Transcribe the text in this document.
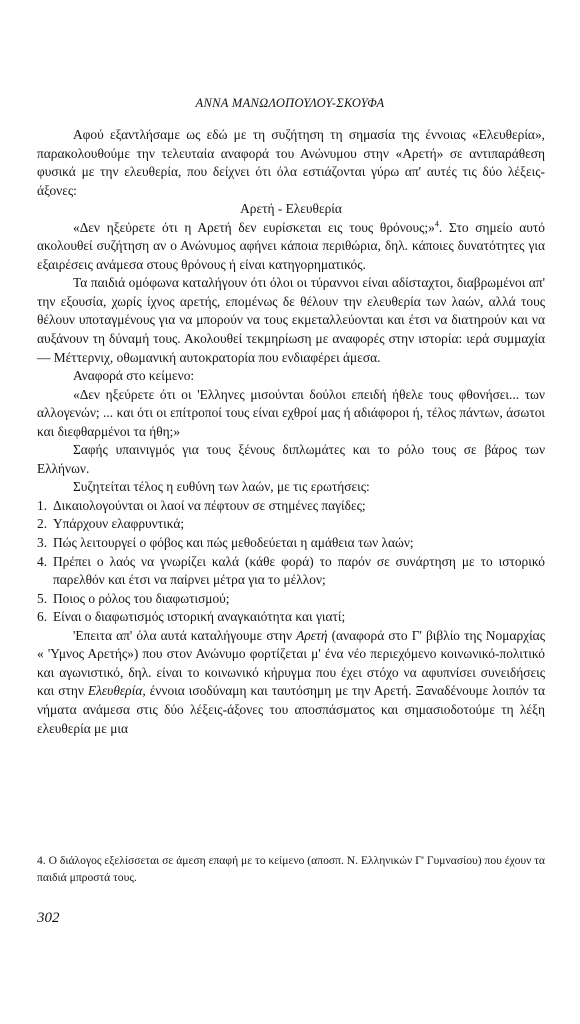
ΑΝΝΑ ΜΑΝΩΛΟΠΟΥΛΟΥ-ΣΚΟΥΦΑ

Αφού εξαντλήσαμε ως εδώ με τη συζήτηση τη σημασία της έννοιας «Ελευθερία», παρακολουθούμε την τελευταία αναφορά του Ανώνυμου στην «Αρετή» σε αντιπαράθεση φυσικά με την ελευθερία, που δείχνει ότι όλα εστιάζονται γύρω απ' αυτές τις δύο λέξεις-άξονες:

Αρετή - Ελευθερία

«Δεν ηξεύρετε ότι η Αρετή δεν ευρίσκεται εις τους θρόνους;»$^4$. Στο σημείο αυτό ακολουθεί συζήτηση αν ο Ανώνυμος αφήνει κάποια περιθώρια, δηλ. κάποιες δυνατότητες για εξαιρέσεις ανάμεσα στους θρόνους ή είναι κατηγορηματικός.

Τα παιδιά ομόφωνα καταλήγουν ότι όλοι οι τύραννοι είναι αδίσταχτοι, διαβρωμένοι απ' την εξουσία, χωρίς ίχνος αρετής, επομένως δε θέλουν την ελευθερία των λαών, αλλά τους θέλουν υποταγμένους για να μπορούν να τους εκμεταλλεύονται και έτσι να διατηρούν και να αυξάνουν τη δύναμή τους. Ακολουθεί τεκμηρίωση με αναφορές στην ιστορία: ιερά συμμαχία — Μέττερνιχ, οθωμανική αυτοκρατορία που ενδιαφέρει άμεσα.

Αναφορά στο κείμενο:

«Δεν ηξεύρετε ότι οι 'Ελληνες μισούνται δούλοι επειδή ήθελε τους φθονήσει... των αλλογενών; ... και ότι οι επίτροποί τους είναι εχθροί μας ή αδιάφοροι ή, τέλος πάντων, άσωτοι και διεφθαρμένοι τα ήθη;»

Σαφής υπαινιγμός για τους ξένους διπλωμάτες και το ρόλο τους σε βάρος των Ελλήνων.

Συζητείται τέλος η ευθύνη των λαών, με τις ερωτήσεις:

1. Δικαιολογούνται οι λαοί να πέφτουν σε στημένες παγίδες;
2. Υπάρχουν ελαφρυντικά;
3. Πώς λειτουργεί ο φόβος και πώς μεθοδεύεται η αμάθεια των λαών;
4. Πρέπει ο λαός να γνωρίζει καλά (κάθε φορά) το παρόν σε συνάρτηση με το ιστορικό παρελθόν και έτσι να παίρνει μέτρα για το μέλλον;
5. Ποιος ο ρόλος του διαφωτισμού;
6. Είναι ο διαφωτισμός ιστορική αναγκαιότητα και γιατί;

'Επειτα απ' όλα αυτά καταλήγουμε στην Αρετή (αναφορά στο Γ' βιβλίο της Νομαρχίας « 'Υμνος Αρετής») που στον Ανώνυμο φορτίζεται μ' ένα νέο περιεχόμενο κοινωνικό-πολιτικό και αγωνιστικό, δηλ. είναι το κοινωνικό κήρυγμα που έχει στόχο να αφυπνίσει συνειδήσεις και στην Ελευθερία, έννοια ισοδύναμη και ταυτόσημη με την Αρετή. Ξαναδένουμε λοιπόν τα νήματα ανάμεσα στις δύο λέξεις-άξονες του αποσπάσματος και σημασιοδοτούμε τη λέξη ελευθερία με μια

4. Ο διάλογος εξελίσσεται σε άμεση επαφή με το κείμενο (αποσπ. Ν. Ελληνικών Γ' Γυμνασίου) που έχουν τα παιδιά μπροστά τους.
302
